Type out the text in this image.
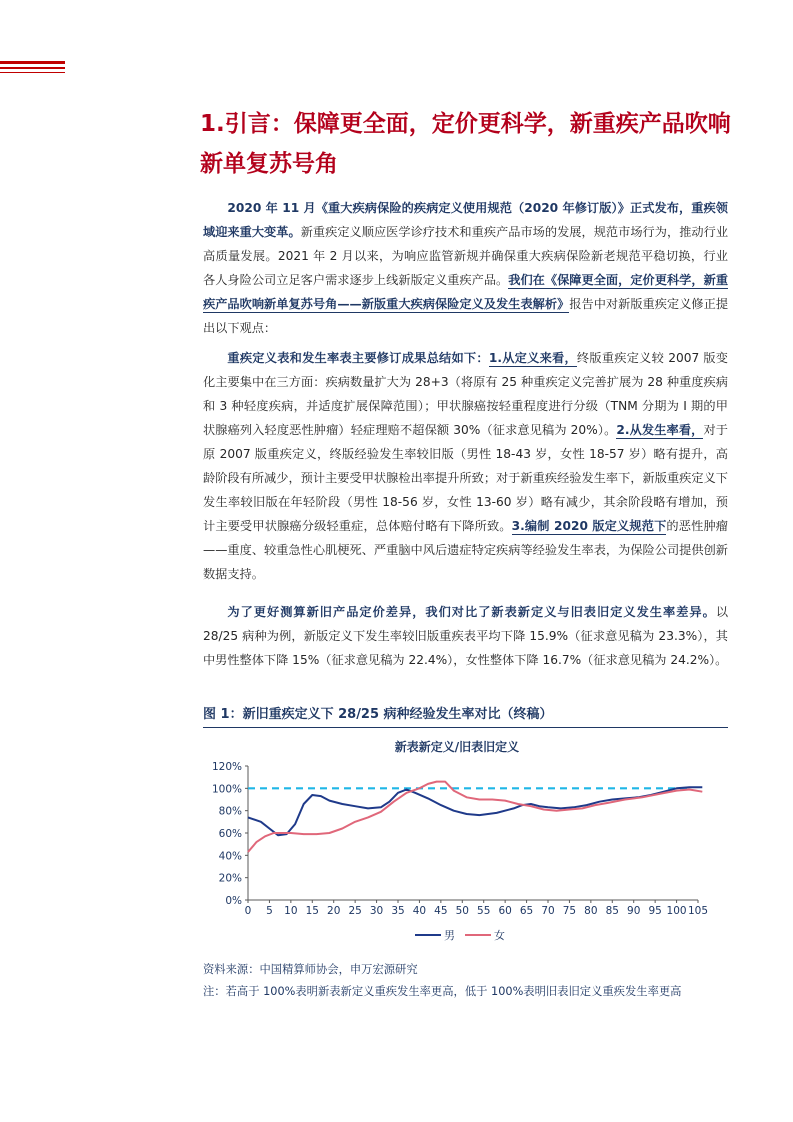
1.引言：保障更全面，定价更科学，新重疾产品吹响新单复苏号角

2020 年 11 月《重大疾病保险的疾病定义使用规范（2020 年修订版）》正式发布，重疾领域迎来重大变革。新重疾定义顺应医学诊疗技术和重疾产品市场的发展，规范市场行为，推动行业高质量发展。2021 年 2 月以来，为响应监管新规并确保重大疾病保险新老规范平稳切换，行业各人身险公司立足客户需求逐步上线新版定义重疾产品。我们在《保障更全面，定价更科学，新重疾产品吹响新单复苏号角——新版重大疾病保险定义及发生表解析》报告中对新版重疾定义修正提出以下观点：

重疾定义表和发生率表主要修订成果总结如下：1.从定义来看，终版重疾定义较 2007 版变化主要集中在三方面：疾病数量扩大为 28+3（将原有 25 种重疾定义完善扩展为 28 种重度疾病和 3 种轻度疾病，并适度扩展保障范围）；甲状腺癌按轻重程度进行分级（TNM 分期为 I 期的甲状腺癌列入轻度恶性肿瘤）轻症理赔不超保额 30%（征求意见稿为 20%）。2.从发生率看，对于原 2007 版重疾定义，终版经验发生率较旧版（男性 18-43 岁，女性 18-57 岁）略有提升，高龄阶段有所减少，预计主要受甲状腺检出率提升所致；对于新重疾经验发生率下，新版重疾定义下发生率较旧版在年轻阶段（男性 18-56 岁，女性 13-60 岁）略有减少，其余阶段略有增加，预计主要受甲状腺癌分级轻重症，总体赔付略有下降所致。3.编制 2020 版定义规范下的恶性肿瘤——重度、较重急性心肌梗死、严重脑中风后遗症特定疾病等经验发生率表，为保险公司提供创新数据支持。

为了更好测算新旧产品定价差异，我们对比了新表新定义与旧表旧定义发生率差异。以 28/25 病种为例，新版定义下发生率较旧版重疾表平均下降 15.9%（征求意见稿为 23.3%），其中男性整体下降 15%（征求意见稿为 22.4%），女性整体下降 16.7%（征求意见稿为 24.2%）。

图 1：新旧重疾定义下 28/25 病种经验发生率对比（终稿）
新表新定义/旧表旧定义
0%
20%
40%
60%
80%
100%
120%
0 5 10 15 20 25 30 35 40 45 50 55 60 65 70 75 80 85 90 95 100 105
男	女

资料来源：中国精算师协会，申万宏源研究

注：若高于 100%表明新表新定义重疾发生率更高，低于 100%表明旧表旧定义重疾发生率更高
